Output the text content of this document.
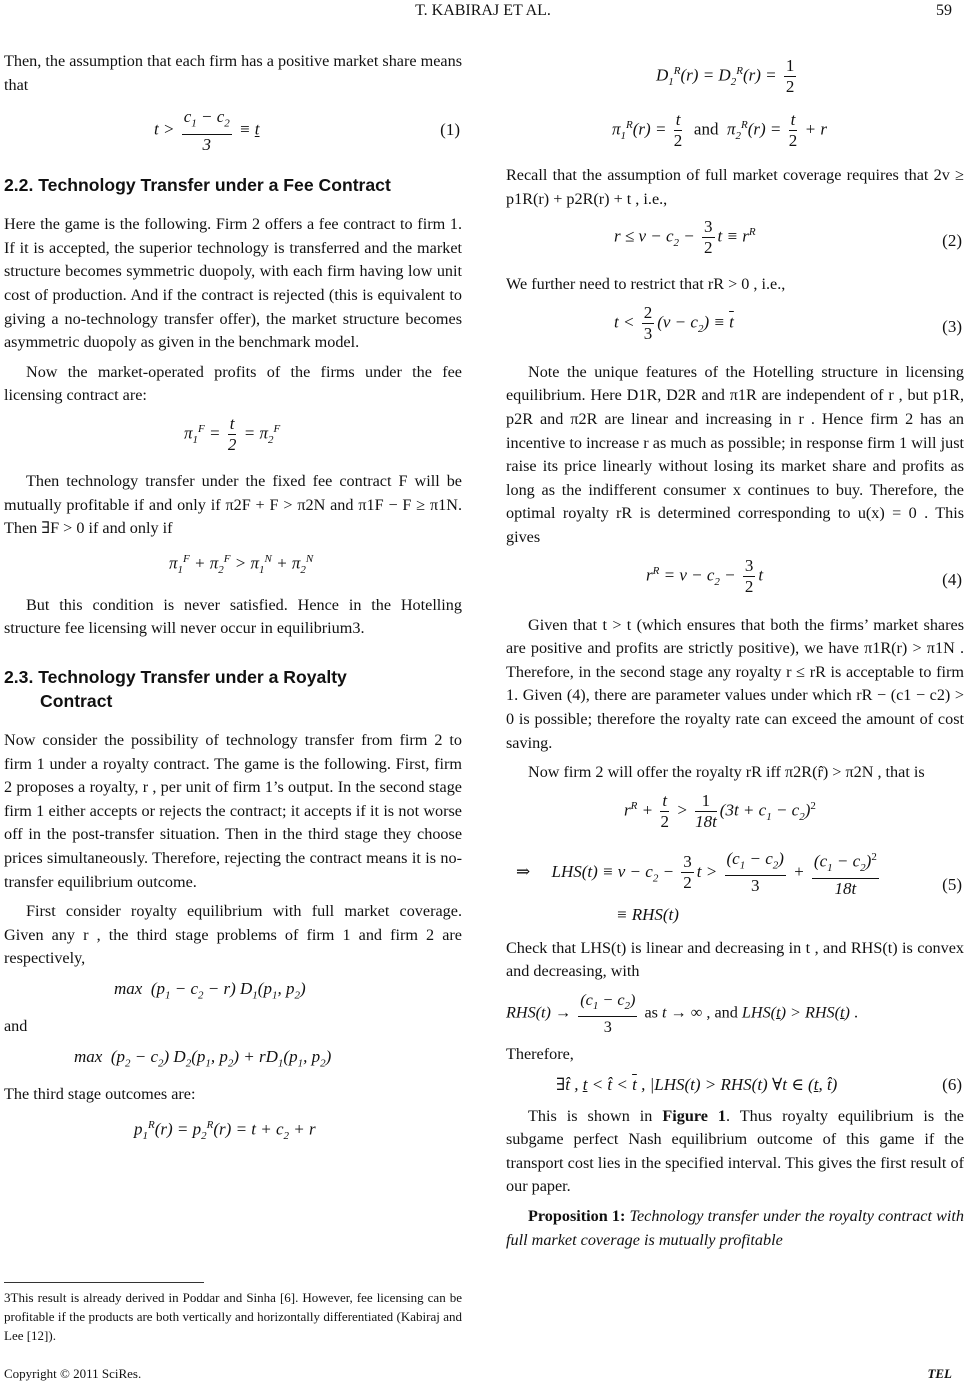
T. KABIRAJ ET AL.	59

Then, the assumption that each firm has a positive market share means that

$t > \frac{c_1 - c_2}{3} \equiv t$	(1)
2.2. Technology Transfer under a Fee Contract

Here the game is the following. Firm 2 offers a fee contract to firm 1. If it is accepted, the superior technology is transferred and the market structure becomes symmetric duopoly, with each firm having low unit cost of production. And if the contract is rejected (this is equivalent to giving a no-technology transfer offer), the market structure becomes asymmetric duopoly as given in the benchmark model.

Now the market-operated profits of the firms under the fee licensing contract are:

$\pi_1^F = \frac{t}{2} = \pi_2^F$

Then technology transfer under the fixed fee contract F will be mutually profitable if and only if π2F + F > π2N and π1F − F ≥ π1N. Then ∃F > 0 if and only if

$\pi_1^F + \pi_2^F > \pi_1^N + \pi_2^N$

But this condition is never satisfied. Hence in the Hotelling structure fee licensing will never occur in equilibrium3.

2.3. Technology Transfer under a Royalty
Contract

Now consider the possibility of technology transfer from firm 2 to firm 1 under a royalty contract. The game is the following. First, firm 2 proposes a royalty, r , per unit of firm 1’s output. In the second stage firm 1 either accepts or rejects the contract; it accepts if it is not worse off in the post-transfer situation. Then in the third stage they choose prices simultaneously. Therefore, rejecting the contract means it is no-transfer equilibrium outcome.

First consider royalty equilibrium with full market coverage. Given any r , the third stage problems of firm 1 and firm 2 are respectively,

$\max (p_1 - c_2 - r)$ $D_1(p_1$, $p_2$)

and

$\max (p_2 - c_2)$ $D_2(p_1$, $p_2) + rD_1(p_1$, $p_2$)

The third stage outcomes are:

$p_1^R(r) = p_2^R(r) = t + c_2 + r$
3This result is already derived in Poddar and Sinha [6]. However, fee licensing can be profitable if the products are both vertically and horizontally differentiated (Kabiraj and Lee [12]).
$D_1^R(r) = D_2^R(r) = \frac{1}{2}$
$\pi_1^R(r) = \frac{t}{2}$ and  $\pi_2^R(r) = \frac{t}{2} + r$

Recall that the assumption of full market coverage requires that 2v ≥ p1R(r) + p2R(r) + t , i.e.,

$r \le v - c_2 - \frac{3}{2}$ $t \equiv r^R$	(2)

We further need to restrict that rR > 0 , i.e.,

$t < \frac{2}{3} (v - c_2) \equiv \overline{t}$	(3)

Note the unique features of the Hotelling structure in licensing equilibrium. Here D1R, D2R and π1R are independent of r , but p1R, p2R and π2R are linear and increasing in r . Hence firm 2 has an incentive to increase r as much as possible; in response firm 1 will just raise its price linearly without losing its market share and profits as long as the indifferent consumer x continues to buy. Therefore, the optimal royalty rR is determined corresponding to u(x) = 0 . This gives

$r^R = v - c_2 - \frac{3}{2}$ t	(4)

Given that t > t (which ensures that both the firms’ market shares are positive and profits are strictly positive), we have π1R(r) > π1N . Therefore, in the second stage any royalty r ≤ rR is acceptable to firm 1. Given (4), there are parameter values under which rR − (c1 − c2) > 0 is possible; therefore the royalty rate can exceed the amount of cost saving.

Now firm 2 will offer the royalty rR iff π2R(r̂) > π2N , that is

$r^R + \frac{t}{2} > \frac{1}{18t} (3t + c_1 - c_2)^2$
⇒     $LHS(t) \equiv v - c_2 - \frac{3}{2}$ $t > \frac{(c_1 - c_2)}{3} + \frac{(c_1 - c_2)^2}{18t}$	(5)
≡ RHS(t)

Check that LHS(t) is linear and decreasing in t , and RHS(t) is convex and decreasing, with

$RHS(t) \to \frac{(c_1 - c_2)}{3}$ as t → ∞ , and LHS(t) > RHS(t) .

Therefore,

∃t̂ , t < t̂ < $\overline{t}$ , |LHS(t) > RHS(t) ∀t ∈ (t, t̂)	(6)

This is shown in Figure 1. Thus royalty equilibrium is the subgame perfect Nash equilibrium outcome of this game if the transport cost lies in the specified interval. This gives the first result of our paper.

Proposition 1: Technology transfer under the royalty contract with full market coverage is mutually profitable

Copyright © 2011 SciRes.	TEL
